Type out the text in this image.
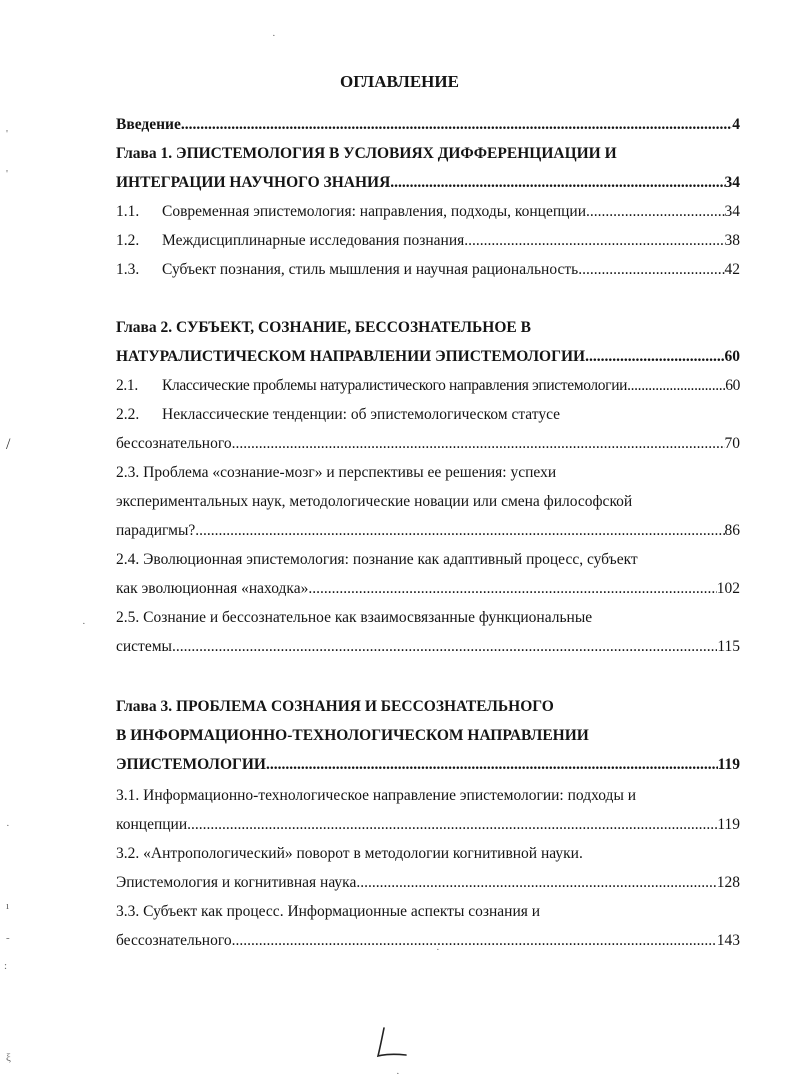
ОГЛАВЛЕНИЕ
Введение .....	4
Глава 1. ЭПИСТЕМОЛОГИЯ В УСЛОВИЯХ ДИФФЕРЕНЦИАЦИИ И
ИНТЕГРАЦИИ НАУЧНОГО ЗНАНИЯ .....	34
1.1. Современная эпистемология: направления, подходы, концепции .....	34
1.2. Междисциплинарные исследования познания .....	38
1.3. Субъект познания, стиль мышления и научная рациональность .....	42
Глава 2. СУБЪЕКТ, СОЗНАНИЕ, БЕССОЗНАТЕЛЬНОЕ В
НАТУРАЛИСТИЧЕСКОМ НАПРАВЛЕНИИ ЭПИСТЕМОЛОГИИ .....	60
2.1. Классические проблемы натуралистического направления эпистемологии .....	60
2.2. Неклассические тенденции: об эпистемологическом статусе
бессознательного .....	70
2.3. Проблема «сознание-мозг» и перспективы ее решения: успехи
экспериментальных наук, методологические новации или смена философской
парадигмы? .....	86
2.4. Эволюционная эпистемология: познание как адаптивный процесс, субъект
как эволюционная «находка» .....	102
2.5. Сознание и бессознательное как взаимосвязанные функциональные
системы .....	115
Глава 3. ПРОБЛЕМА СОЗНАНИЯ И БЕССОЗНАТЕЛЬНОГО
В ИНФОРМАЦИОННО-ТЕХНОЛОГИЧЕСКОМ НАПРАВЛЕНИИ
ЭПИСТЕМОЛОГИИ .....	119
3.1. Информационно-технологическое направление эпистемологии: подходы и
концепции .....	119
3.2. «Антропологический» поворот в методологии когнитивной науки.
Эпистемология и когнитивная наука .....	128
3.3. Субъект как процесс. Информационные аспекты сознания и
бессознательного .....	143
'
'
/
·
·
ı
-
:
·
·
·
ξ
